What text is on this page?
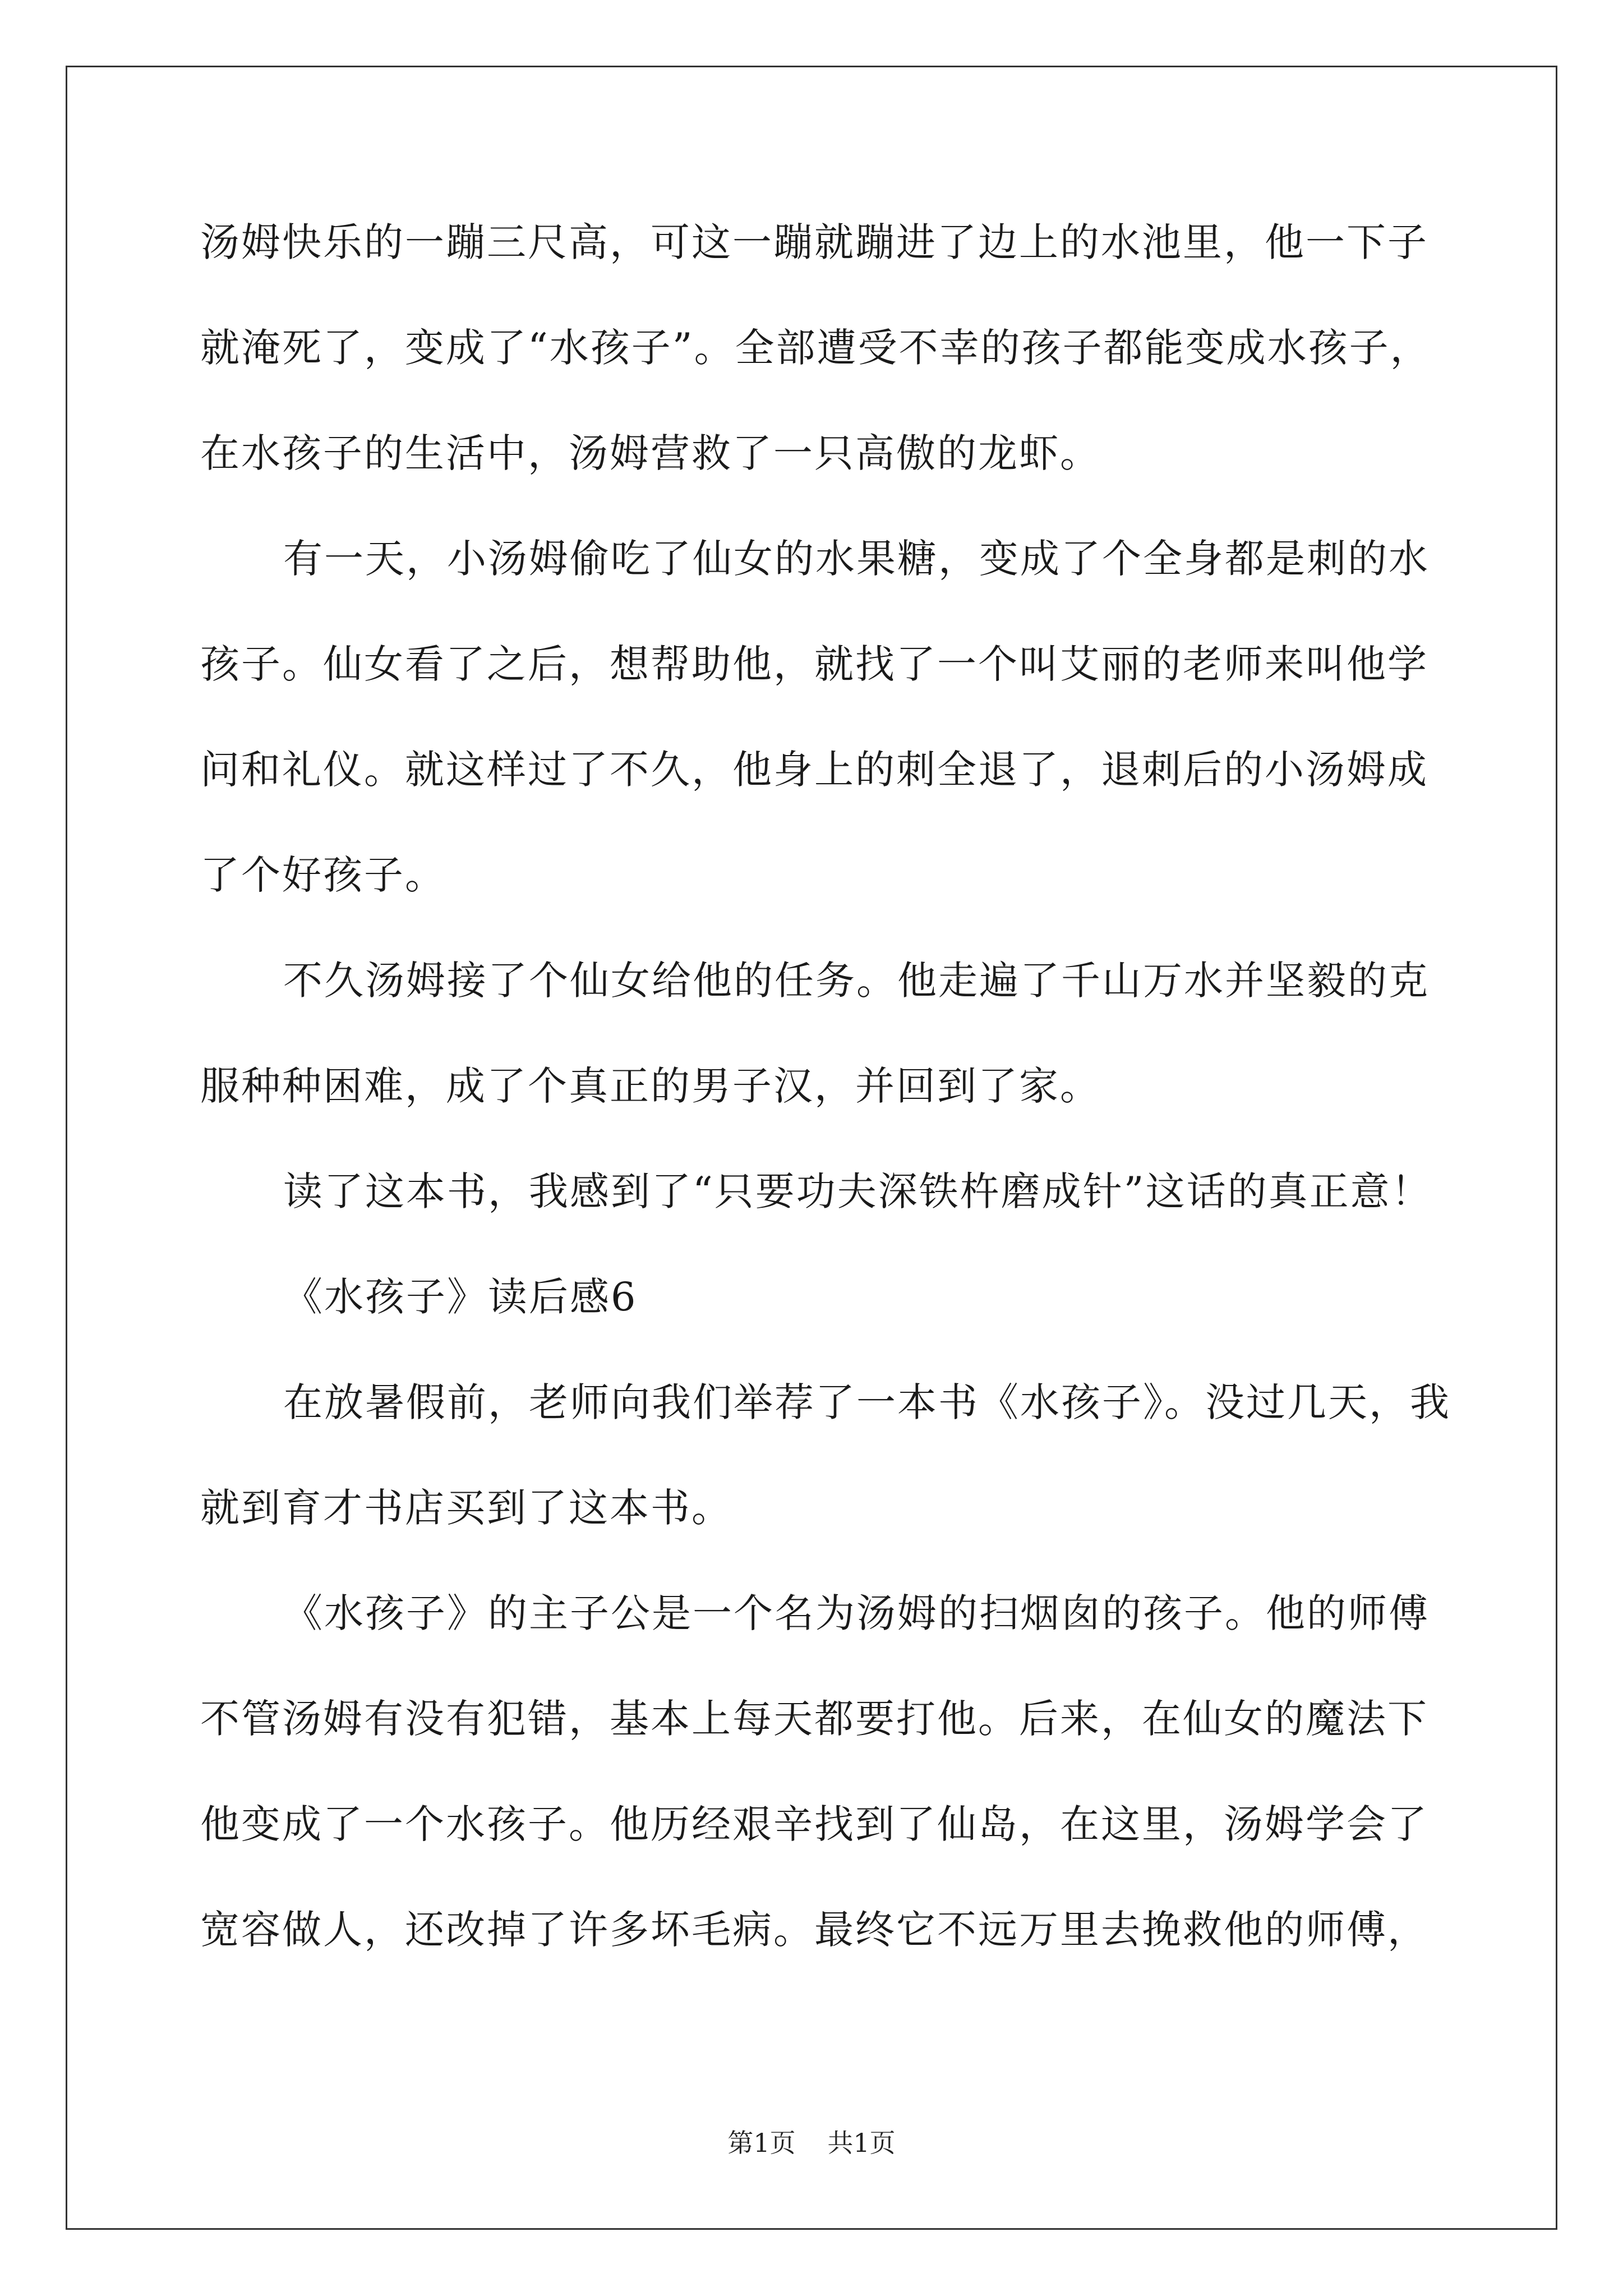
汤姆快乐的一蹦三尺高，可这一蹦就蹦进了边上的水池里，他一下子
就淹死了，变成了“水孩子”。全部遭受不幸的孩子都能变成水孩子，
在水孩子的生活中，汤姆营救了一只高傲的龙虾。
有一天，小汤姆偷吃了仙女的水果糖，变成了个全身都是刺的水
孩子。仙女看了之后，想帮助他，就找了一个叫艾丽的老师来叫他学
问和礼仪。就这样过了不久，他身上的刺全退了，退刺后的小汤姆成
了个好孩子。
不久汤姆接了个仙女给他的任务。他走遍了千山万水并坚毅的克
服种种困难，成了个真正的男子汉，并回到了家。
读了这本书，我感到了“只要功夫深铁杵磨成针”这话的真正意！
《水孩子》读后感6
在放暑假前，老师向我们举荐了一本书《水孩子》。没过几天，我
就到育才书店买到了这本书。
《水孩子》的主子公是一个名为汤姆的扫烟囱的孩子。他的师傅
不管汤姆有没有犯错，基本上每天都要打他。后来，在仙女的魔法下
他变成了一个水孩子。他历经艰辛找到了仙岛，在这里，汤姆学会了
宽容做人，还改掉了许多坏毛病。最终它不远万里去挽救他的师傅，
第1页 共1页
